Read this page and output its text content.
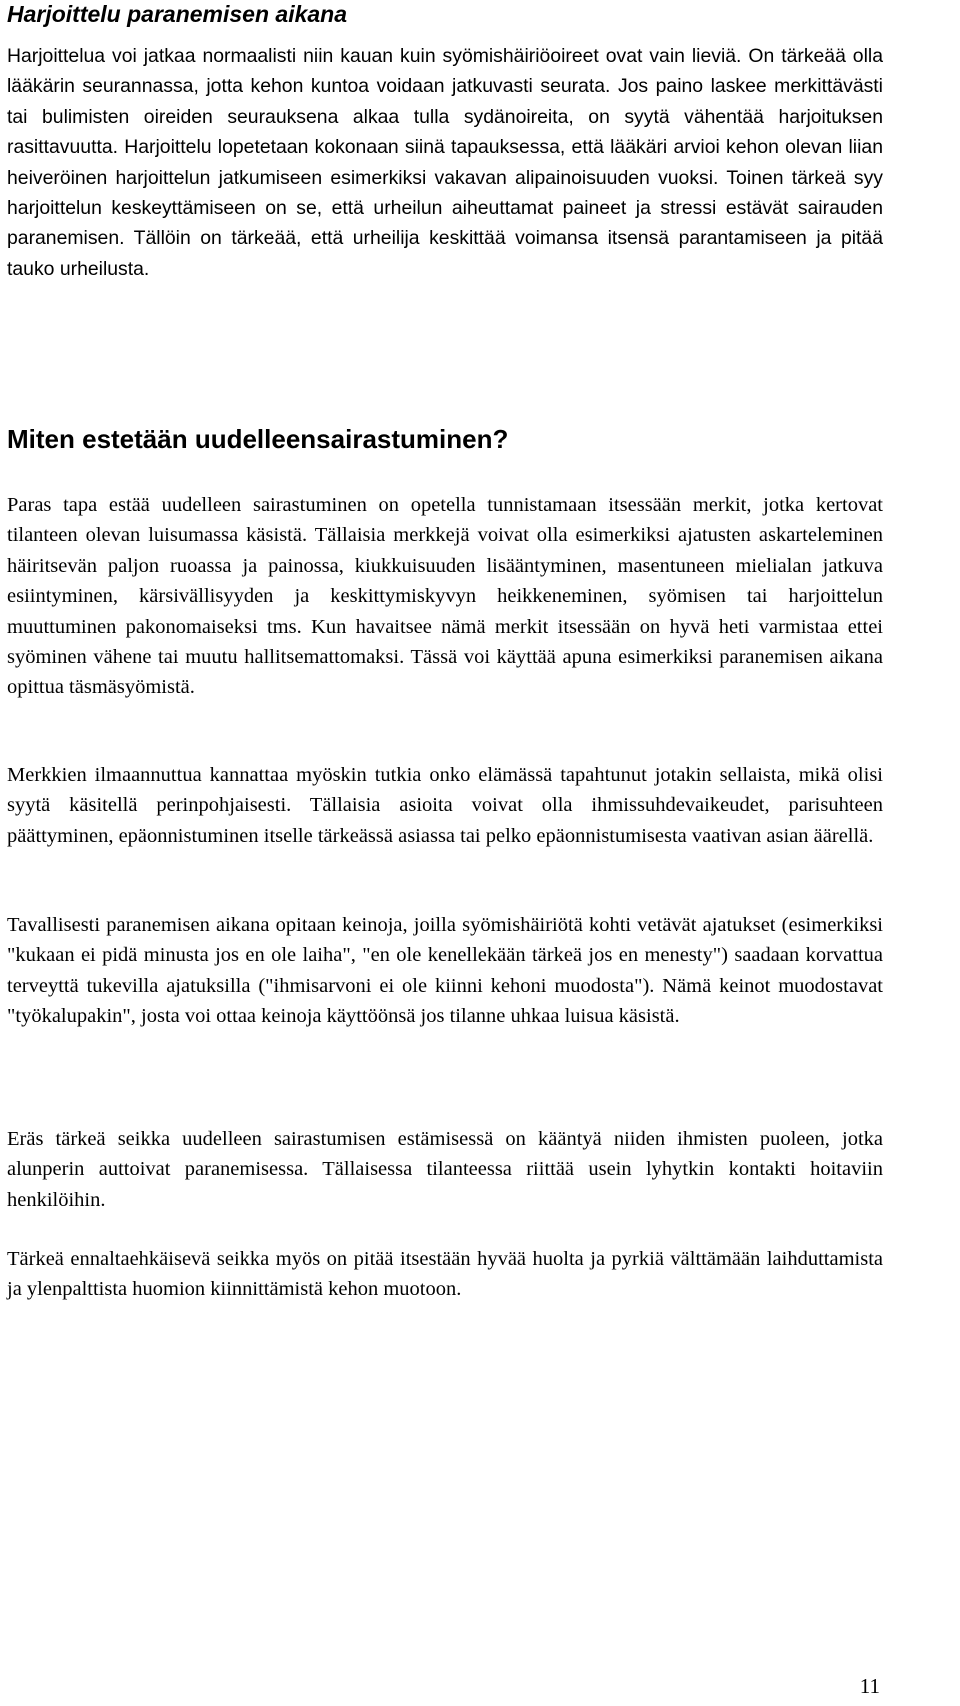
Harjoittelu paranemisen aikana

Harjoittelua voi jatkaa normaalisti niin kauan kuin syömishäiriöoireet ovat vain lieviä. On tärkeää olla lääkärin seurannassa, jotta kehon kuntoa voidaan jatkuvasti seurata. Jos paino laskee merkittävästi tai bulimisten oireiden seurauksena alkaa tulla sydänoireita, on syytä vähentää harjoituksen rasittavuutta. Harjoittelu lopetetaan kokonaan siinä tapauksessa, että lääkäri arvioi kehon olevan liian heiveröinen harjoittelun jatkumiseen esimerkiksi vakavan alipainoisuuden vuoksi. Toinen tärkeä syy harjoittelun keskeyttämiseen on se, että urheilun aiheuttamat paineet ja stressi estävät sairauden paranemisen. Tällöin on tärkeää, että urheilija keskittää voimansa itsensä parantamiseen ja pitää tauko urheilusta.

Miten estetään uudelleensairastuminen?

Paras tapa estää uudelleen sairastuminen on opetella tunnistamaan itsessään merkit, jotka kertovat tilanteen olevan luisumassa käsistä. Tällaisia merkkejä voivat olla esimerkiksi ajatusten askarteleminen häiritsevän paljon ruoassa ja painossa, kiukkuisuuden lisääntyminen, masentuneen mielialan jatkuva esiintyminen, kärsivällisyyden ja keskittymiskyvyn heikkeneminen, syömisen tai harjoittelun muuttuminen pakonomaiseksi tms. Kun havaitsee nämä merkit itsessään on hyvä heti varmistaa ettei syöminen vähene tai muutu hallitsemattomaksi. Tässä voi käyttää apuna esimerkiksi paranemisen aikana opittua täsmäsyömistä.

Merkkien ilmaannuttua kannattaa myöskin tutkia onko elämässä tapahtunut jotakin sellaista, mikä olisi syytä käsitellä perinpohjaisesti. Tällaisia asioita voivat olla ihmissuhdevaikeudet, parisuhteen päättyminen, epäonnistuminen itselle tärkeässä asiassa tai pelko epäonnistumisesta vaativan asian äärellä.

Tavallisesti paranemisen aikana opitaan keinoja, joilla syömishäiriötä kohti vetävät ajatukset (esimerkiksi "kukaan ei pidä minusta jos en ole laiha", "en ole kenellekään tärkeä jos en menesty") saadaan korvattua terveyttä tukevilla ajatuksilla ("ihmisarvoni ei ole kiinni kehoni muodosta"). Nämä keinot muodostavat "työkalupakin", josta voi ottaa keinoja käyttöönsä jos tilanne uhkaa luisua käsistä.

Eräs tärkeä seikka uudelleen sairastumisen estämisessä on kääntyä niiden ihmisten puoleen, jotka alunperin auttoivat paranemisessa. Tällaisessa tilanteessa riittää usein lyhytkin kontakti hoitaviin henkilöihin.

Tärkeä ennaltaehkäisevä seikka myös on pitää itsestään hyvää huolta ja pyrkiä välttämään laihduttamista ja ylenpalttista huomion kiinnittämistä kehon muotoon.

11
